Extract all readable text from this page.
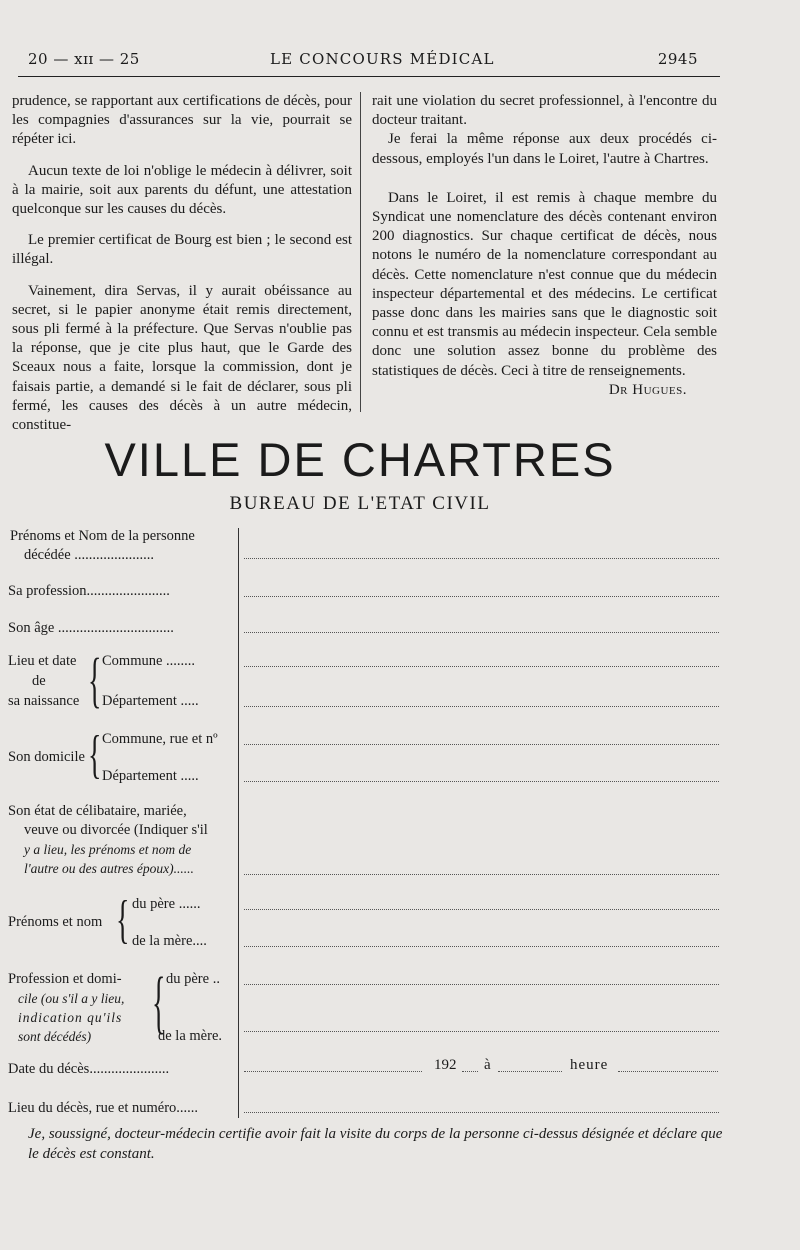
20 — xɪɪ — 25	LE CONCOURS MÉDICAL	2945

prudence, se rapportant aux certifications de décès, pour les compagnies d'assurances sur la vie, pourrait se répéter ici.

Aucun texte de loi n'oblige le médecin à délivrer, soit à la mairie, soit aux parents du défunt, une attestation quelconque sur les causes du décès.

Le premier certificat de Bourg est bien ; le second est illégal.

Vainement, dira Servas, il y aurait obéissance au secret, si le papier anonyme était remis directement, sous pli fermé à la préfecture. Que Servas n'oublie pas la réponse, que je cite plus haut, que le Garde des Sceaux nous a faite, lorsque la commission, dont je faisais partie, a demandé si le fait de déclarer, sous pli fermé, les causes des décès à un autre médecin, constitue-

rait une violation du secret professionnel, à l'encontre du docteur traitant.

Je ferai la même réponse aux deux procédés ci-dessous, employés l'un dans le Loiret, l'autre à Chartres.

Dans le Loiret, il est remis à chaque membre du Syndicat une nomenclature des décès contenant environ 200 diagnostics. Sur chaque certificat de décès, nous notons le numéro de la nomenclature correspondant au décès. Cette nomenclature n'est connue que du médecin inspecteur départemental et des médecins. Le certificat passe donc dans les mairies sans que le diagnostic soit connu et est transmis au médecin inspecteur. Cela semble donc une solution assez bonne du problème des statistiques de décès. Ceci à titre de renseignements.

Dr Hugues.

VILLE DE CHARTRES
BUREAU DE L'ETAT CIVIL
Prénoms et Nom de la personne
décédée ......................
Sa profession.......................
Son âge ................................
Lieu et date
de
sa naissance { Commune ........
Département .....
Son domicile { Commune, rue et nº
Département .....
Son état de célibataire, mariée,
veuve ou divorcée (Indiquer s'il
y a lieu, les prénoms et nom de
l'autre ou des autres époux)......
Prénoms et nom { du père ......
de la mère....
Profession et domi-
cile (ou s'il a y lieu,
indication qu'ils
sont décédés) { du père ..
de la mère.
Date du décès......................	192 à	heure
Lieu du décès, rue et numéro......
Je, soussigné, docteur-médecin certifie avoir fait la visite du corps de la personne ci-dessus désignée et déclare que le décès est constant.
